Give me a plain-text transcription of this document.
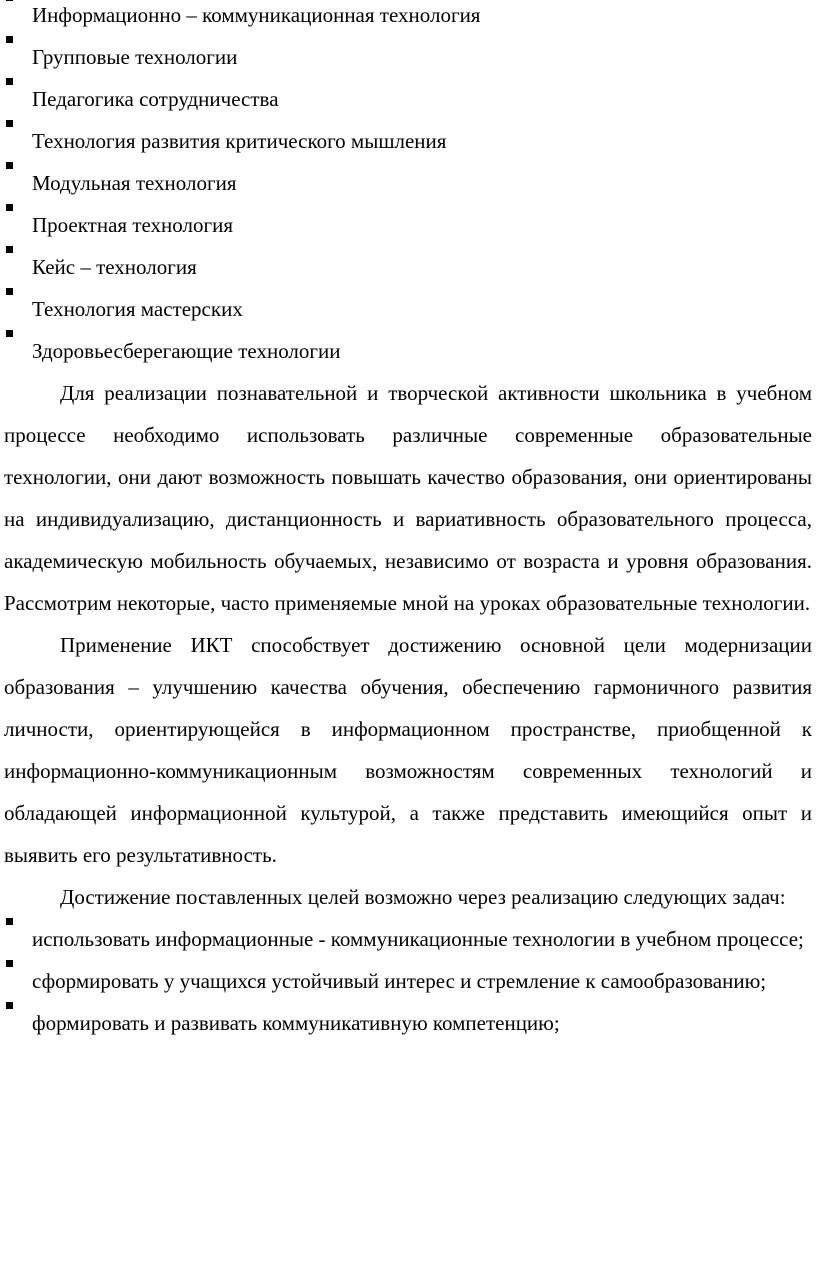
Информационно – коммуникационная технология
Групповые технологии
Педагогика сотрудничества
Технология развития критического мышления
Модульная технология
Проектная технология
Кейс – технология
Технология мастерских
Здоровьесберегающие технологии

Для реализации познавательной и творческой активности школьника в учебном процессе необходимо использовать различные современные образовательные технологии, они дают возможность повышать качество образования, они ориентированы на индивидуализацию, дистанционность и вариативность образовательного процесса, академическую мобильность обучаемых, независимо от возраста и уровня образования. Рассмотрим некоторые, часто применяемые мной на уроках образовательные технологии.

Применение ИКТ способствует достижению основной цели модернизации образования – улучшению качества обучения, обеспечению гармоничного развития личности, ориентирующейся в информационном пространстве, приобщенной к информационно-коммуникационным возможностям современных технологий и обладающей информационной культурой, а также представить имеющийся опыт и выявить его результативность.

Достижение поставленных целей возможно через реализацию следующих задач:

использовать информационные - коммуникационные технологии в учебном процессе;
сформировать у учащихся устойчивый интерес и стремление к самообразованию;
формировать и развивать коммуникативную компетенцию;
